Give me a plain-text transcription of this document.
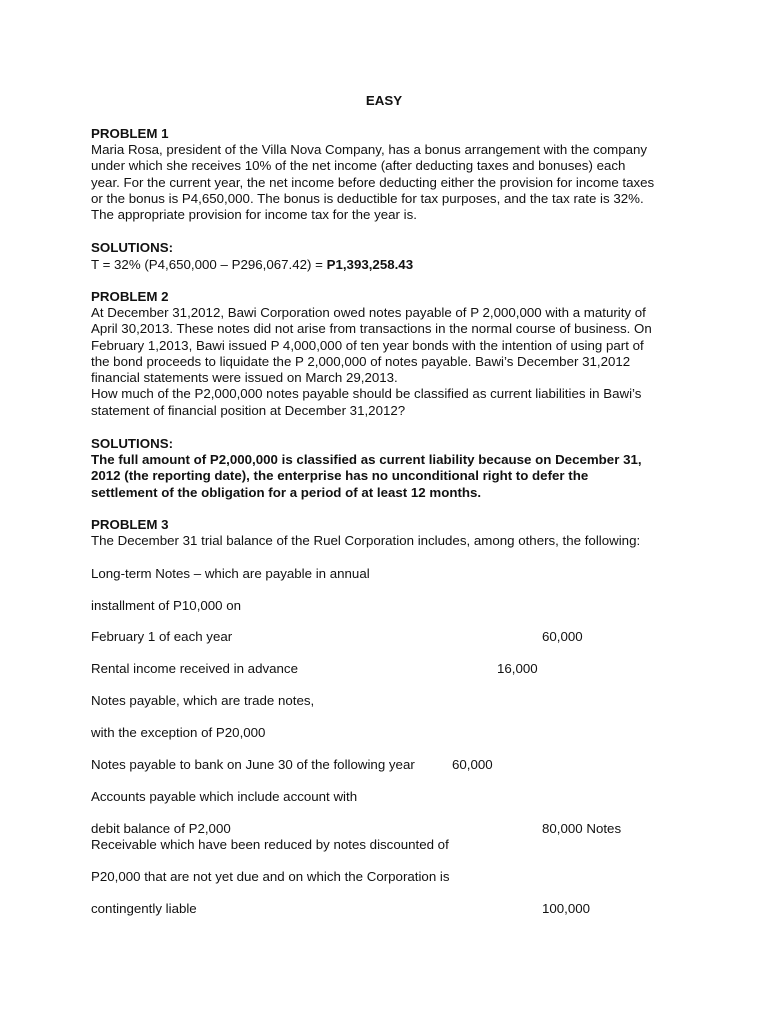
EASY
PROBLEM 1
Maria Rosa, president of the Villa Nova Company, has a bonus arrangement with the company
under which she receives 10% of the net income (after deducting taxes and bonuses) each
year. For the current year, the net income before deducting either the provision for income taxes
or the bonus is P4,650,000. The bonus is deductible for tax purposes, and the tax rate is 32%.
The appropriate provision for income tax for the year is.
SOLUTIONS:
T = 32% (P4,650,000 – P296,067.42) = P1,393,258.43
PROBLEM 2
At December 31,2012, Bawi Corporation owed notes payable of P 2,000,000 with a maturity of
April 30,2013. These notes did not arise from transactions in the normal course of business. On
February 1,2013, Bawi issued P 4,000,000 of ten year bonds with the intention of using part of
the bond proceeds to liquidate the P 2,000,000 of notes payable. Bawi’s December 31,2012
financial statements were issued on March 29,2013.
How much of the P2,000,000 notes payable should be classified as current liabilities in Bawi’s
statement of financial position at December 31,2012?
SOLUTIONS:
The full amount of P2,000,000 is classified as current liability because on December 31,
2012 (the reporting date), the enterprise has no unconditional right to defer the
settlement of the obligation for a period of at least 12 months.
PROBLEM 3
The December 31 trial balance of the Ruel Corporation includes, among others, the following:
Long-term Notes – which are payable in annual
installment of P10,000 on
February 1 of each year	60,000
Rental income received in advance	16,000
Notes payable, which are trade notes,
with the exception of P20,000
Notes payable to bank on June 30 of the following year	60,000
Accounts payable which include account with
debit balance of P2,000	80,000 Notes
Receivable which have been reduced by notes discounted of
P20,000 that are not yet due and on which the Corporation is
contingently liable	100,000
